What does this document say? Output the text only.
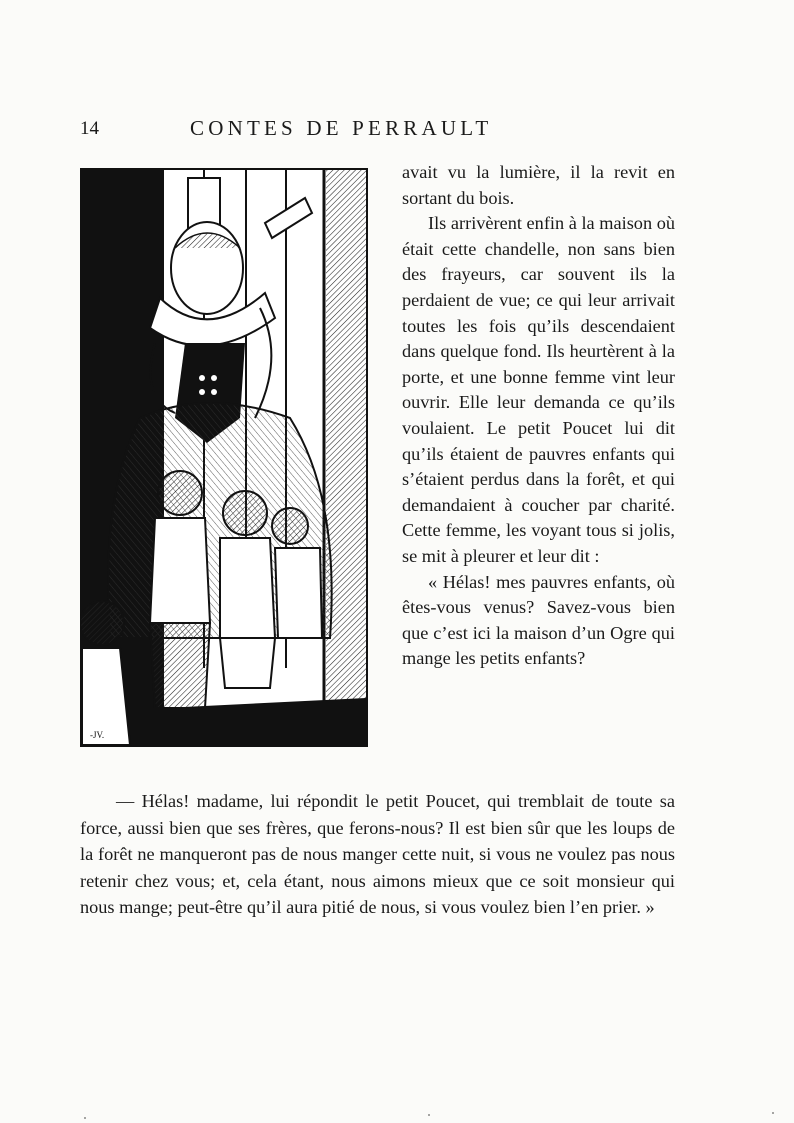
14	CONTES DE PERRAULT
-JV.

avait vu la lumière, il la revit en sortant du bois.

Ils arrivèrent enfin à la maison où était cette chandelle, non sans bien des frayeurs, car souvent ils la perdaient de vue; ce qui leur arrivait toutes les fois qu’ils descendaient dans quelque fond. Ils heurtèrent à la porte, et une bonne femme vint leur ouvrir. Elle leur demanda ce qu’ils voulaient. Le petit Poucet lui dit qu’ils étaient de pauvres enfants qui s’étaient perdus dans la forêt, et qui demandaient à coucher par charité. Cette femme, les voyant tous si jolis, se mit à pleurer et leur dit :

« Hélas! mes pauvres enfants, où êtes-vous venus? Savez-vous bien que c’est ici la maison d’un Ogre qui mange les petits enfants?

— Hélas! madame, lui répondit le petit Poucet, qui tremblait de toute sa force, aussi bien que ses frères, que ferons-nous? Il est bien sûr que les loups de la forêt ne manqueront pas de nous manger cette nuit, si vous ne voulez pas nous retenir chez vous; et, cela étant, nous aimons mieux que ce soit monsieur qui nous mange; peut-être qu’il aura pitié de nous, si vous voulez bien l’en prier. »
